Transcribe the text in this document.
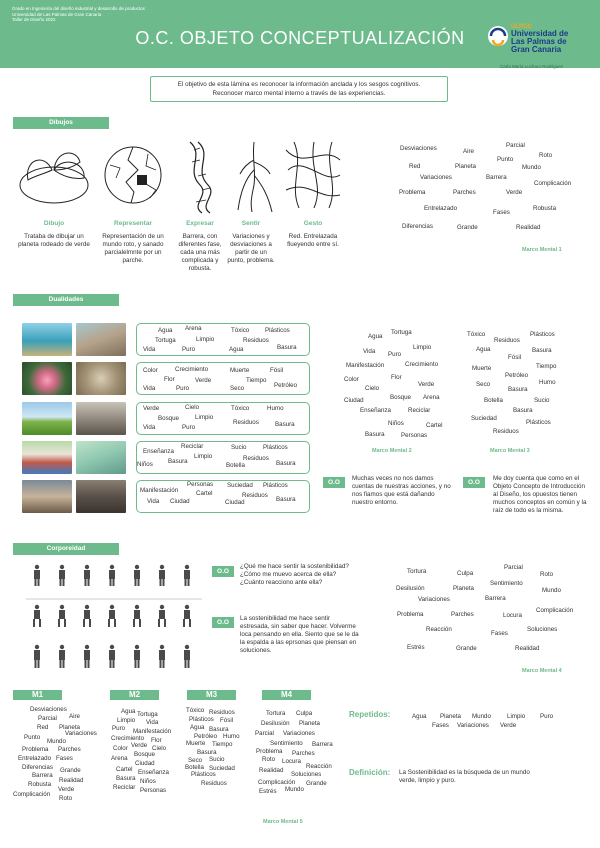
Grado en Ingeniería del diseño industrial y desarrollo de productos
Universidad de Las Palmas de Gran Canaria
Taller de Diseño 2022
O.C. OBJETO CONCEPTUALIZACIÓN
ULPGC
Universidad de
Las Palmas de
Gran Canaria
Carla María Luchoro Rodríguez
El objetivo de esta lámina es reconocer la información anclada y los sesgos cognitivos.
Reconocer marco mental interno a través de las experiencias.
Dibujos
Dibujo	Representar	Expresar	Sentir	Gesto
Trataba de dibujar un planeta rodeado de verde
Representación de un mundo roto, y sanado parcialelmnte por un parche.
Barrera, con diferentes fase, cada una más complicada y robusta.
Variaciones y desviaciones a partir de un punto, problema.
Red. Entrelazada flueyendo entre sí.
Desviaciones	Aire
Parcial
Punto
Roto
Red	Planeta	Mundo
Variaciones	Barrera
Complicación
Problema	Parches	Verde
Entrelazado	Robusta
Fases
Diferencias	Grande	Realidad
Marco Mental 1
Dualidades
Agua Arena
Tortuga	Limpio
Vida	Puro
Tóxico	Plásticos
Residuos
Agua	Basura
Color	Crecimiento
Flor	Verde
Vida	Puro
Muerte	Fósil
Tiempo
Seco	Petróleo
Verde	Cielo
Bosque	Limpio
Vida	Puro
Tóxico	Humo
Residuos	Basura
Reciclar
Enseñanza
Limpio
Basura
Niños
Sucio	Plásticos
Residuos
Botella	Basura
Personas
Manifestación	Cartel
Vida Ciudad
Suciedad Plásticos
Residuos
Ciudad	Basura
Tortuga
Agua
Limpio
Vida Puro
Manifestación	Crecimiento
Flor
Color
Verde
Cielo
Ciudad	Bosque Arena
Enseñanza	Reciclar
Niños	Cartel
Basura	Personas
Marco Mental 2
Tóxico	Plásticos
Residuos
Agua	Basura
Fósil
Muerte	Tiempo
Petróleo
Humo
Seco
Basura
Botella	Sucio
Basura
Suciedad
Plásticos
Residuos
Marco Mental 3
O.O
Muchas veces no nos damos cuentas de nuestras acciones, y no nos fiamos que está dañando nuestro entorno.
O.O
Me doy cuenta que como en el Objeto Concepto de Introducción al Diseño, los opuestos tienen muchos conceptos en común y la raíz de todo es la misma.
Corporeidad
O.O
¿Qué me hace sentir la sostenibilidad?
¿Cómo me muevo acerca de ella?
¿Cuánto reacciono ante ella?
O.O
La sostenibilidad me hace sentir estresada, sin saber que hacer. Volverme loca pensando en ella. Siento que se le da la espalda a las eprsonas que piensan en soluciones.
Tortura	Culpa
Parcial
Roto
Sentimiento
Desilusión	Planeta	Mundo
Variaciones	Barrera
Problema	Parches	Locura
Complicación
Reacción	Soluciones
Fases
Estrés	Grande	Realidad
Marco Mental 4
M1	M2	M3	M4
Desviaciones
Parcial Aire
Red Planeta
Punto
Variaciones
Mundo
Problema Parches
Entrelazado Fases
Diferencias Grande
Barrera
Robusta
Realidad
Verde
Complicación
Roto
Agua Tortuga
Limpio Vida
Puro Manifestación
Crecimiento Flor
Color Verde Cielo
Bosque
Arena
Ciudad
Cartel Enseñanza
Basura Niños
Reciclar Personas
Tóxico Residuos
Plásticos Fósil
Agua Basura
Petróleo Humo
Muerte Tiempo
Basura
Seco Sucio
Botella Suciedad
Plásticos
Residuos
Tortura Culpa
Desilusión Planeta
Parcial Variaciones
Sentimiento Barrera
Problema Parches
Roto Locura
Reacción
Realidad
Soluciones
Complicación Grande
Estrés Mundo
Repetidos:	Agua Planeta Mundo	Limpio Puro
Fases Variaciones Verde
Definición: La Sostenibilidad es la búsqueda de un mundo verde, limpio y puro.
Marco Mental 5
